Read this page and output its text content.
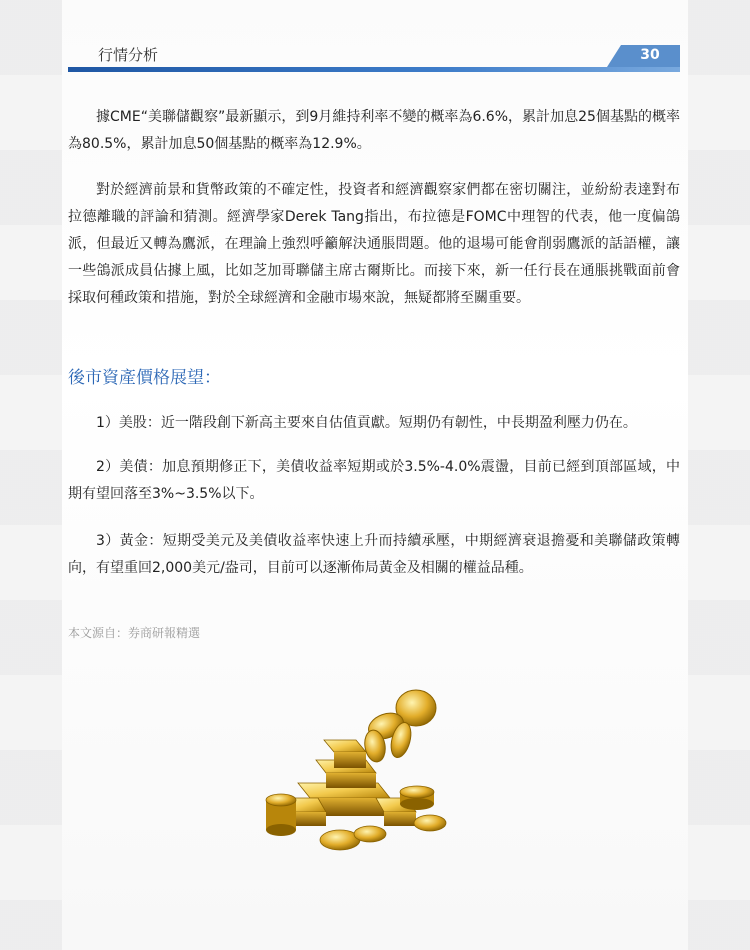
行情分析	30

據CME“美聯儲觀察”最新顯示，到9月維持利率不變的概率為6.6%，累計加息25個基點的概率為80.5%，累計加息50個基點的概率為12.9%。

對於經濟前景和貨幣政策的不確定性，投資者和經濟觀察家們都在密切關注，並紛紛表達對布拉德離職的評論和猜測。經濟學家Derek Tang指出，布拉德是FOMC中理智的代表，他一度偏鴿派，但最近又轉為鷹派，在理論上強烈呼籲解決通脹問題。他的退場可能會削弱鷹派的話語權，讓一些鴿派成員佔據上風，比如芝加哥聯儲主席古爾斯比。而接下來，新一任行長在通脹挑戰面前會採取何種政策和措施，對於全球經濟和金融市場來說，無疑都將至關重要。

後市資產價格展望：

1）美股：近一階段創下新高主要來自估值貢獻。短期仍有韌性，中長期盈利壓力仍在。

2）美債：加息預期修正下，美債收益率短期或於3.5%-4.0%震盪，目前已經到頂部區域，中期有望回落至3%~3.5%以下。

3）黃金：短期受美元及美債收益率快速上升而持續承壓，中期經濟衰退擔憂和美聯儲政策轉向，有望重回2,000美元/盎司，目前可以逐漸佈局黃金及相關的權益品種。

本文源自：券商研報精選
